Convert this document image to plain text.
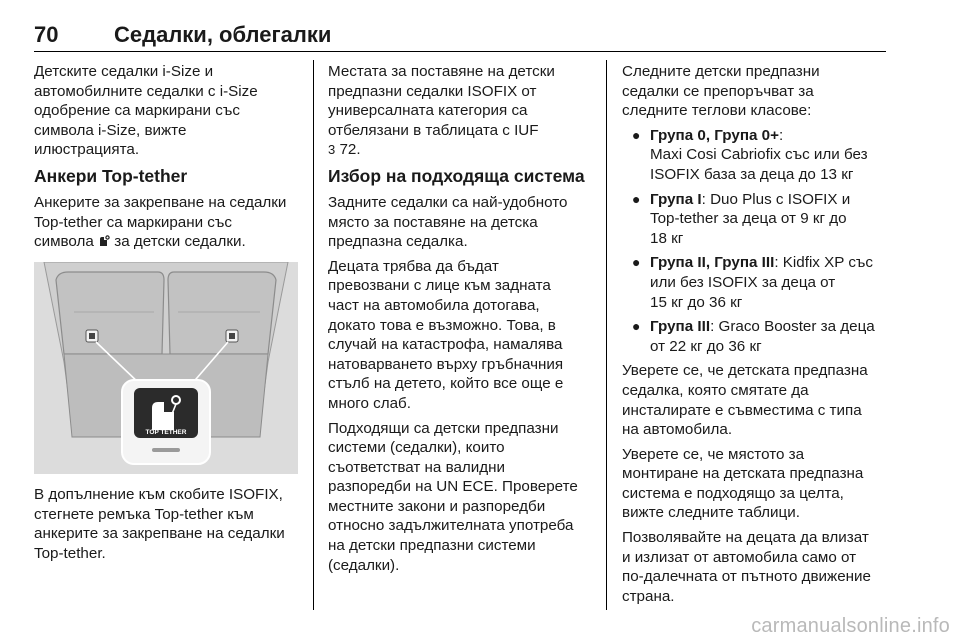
70	Седалки, облегалки

Детските седалки i-Size и
автомобилните седалки с i-Size
одобрение са маркирани със
символа i-Size, вижте
илюстрацията.

Анкери Top-tether

Анкерите за закрепване на седалки
Top-tether са маркирани със
символа  за детски седалки.

TOP TETHER

В допълнение към скобите ISOFIX,
стегнете ремъка Top-tether към
анкерите за закрепване на седалки
Top-tether.

Местата за поставяне на детски
предпазни седалки ISOFIX от
универсалната категория са
отбелязани в таблицата с IUF
3 72.

Избор на подходяща система

Задните седалки са най-удобното
място за поставяне на детска
предпазна седалка.

Децата трябва да бъдат
превозвани с лице към задната
част на автомобила дотогава,
докато това е възможно. Това, в
случай на катастрофа, намалява
натоварването върху гръбначния
стълб на детето, който все още е
много слаб.

Подходящи са детски предпазни
системи (седалки), които
съответстват на валидни
разпоредби на UN ECE. Проверете
местните закони и разпоредби
относно задължителната употреба
на детски предпазни системи
(седалки).

Следните детски предпазни
седалки се препоръчват за
следните теглови класове:

● Група 0, Група 0+:
Maxi Cosi Cabriofix със или без
ISOFIX база за деца до 13 кг
● Група I: Duo Plus с ISOFIX и
Top-tether за деца от 9 кг до
18 кг
● Група II, Група III: Kidfix XP със
или без ISOFIX за деца от
15 кг до 36 кг
● Група III: Graco Booster за деца
от 22 кг до 36 кг

Уверете се, че детската предпазна
седалка, която смятате да
инсталирате е съвместима с типа
на автомобила.

Уверете се, че мястото за
монтиране на детската предпазна
система е подходящо за целта,
вижте следните таблици.

Позволявайте на децата да влизат
и излизат от автомобила само от
по-далечната от пътното движение
страна.

carmanualsonline.info
